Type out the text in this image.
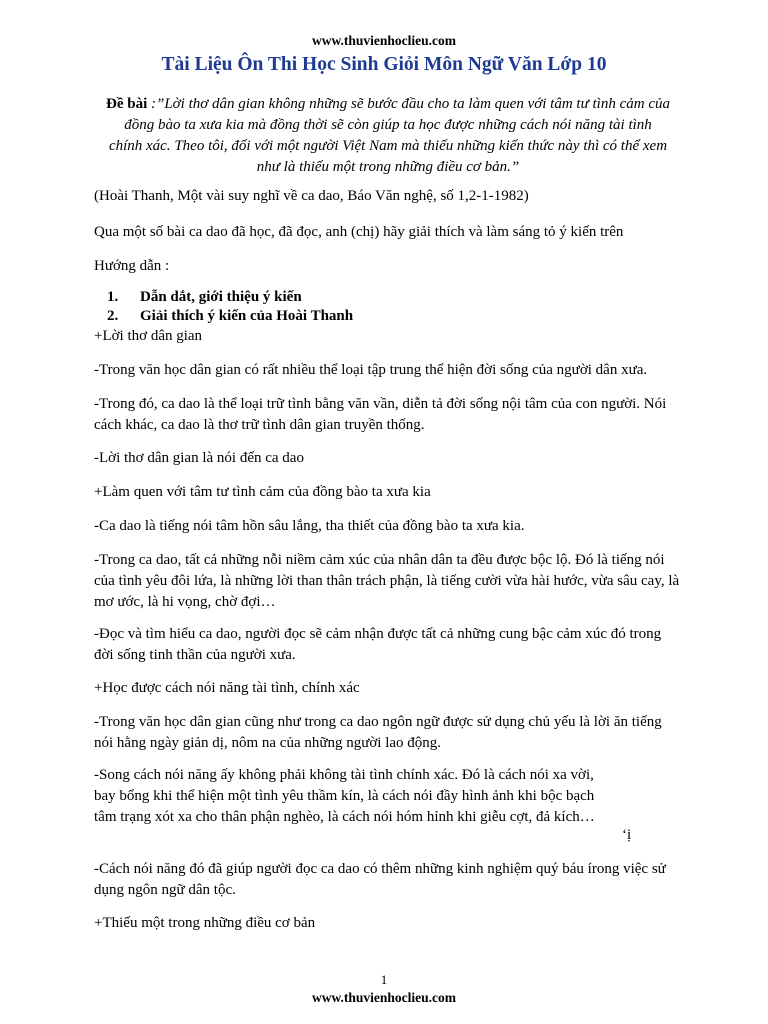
www.thuvienhoclieu.com
Tài Liệu Ôn Thi Học Sinh Giỏi Môn Ngữ Văn Lớp 10
Đề bài :”Lời thơ dân gian không những sẽ bước đầu cho ta làm quen với tâm tư tình cảm của
đồng bào ta xưa kia mà đồng thời sẽ còn giúp ta học được những cách nói năng tài tình
chính xác. Theo tôi, đối với một người Việt Nam mà thiếu những kiến thức này thì có thể xem
như là thiếu một trong những điều cơ bản.”
(Hoài Thanh, Một vài suy nghĩ về ca dao, Báo Văn nghệ, số 1,2-1-1982)
Qua một số bài ca dao đã học, đã đọc, anh (chị) hãy giải thích và làm sáng tỏ ý kiến trên
Hướng dẫn :
1. Dẫn dắt, giới thiệu ý kiến
2. Giải thích ý kiến của Hoài Thanh
+Lời thơ dân gian
-Trong văn học dân gian có rất nhiều thể loại tập trung thể hiện đời sống của người dân xưa.
-Trong đó, ca dao là thể loại trữ tình bằng văn vần, diễn tả đời sống nội tâm của con người. Nói cách khác, ca dao là thơ trữ tình dân gian truyền thống.
-Lời thơ dân gian là nói đến ca dao
+Làm quen với tâm tư tình cảm của đồng bào ta xưa kia
-Ca dao là tiếng nói tâm hồn sâu lắng, tha thiết của đồng bào ta xưa kia.
-Trong ca dao, tất cả những nỗi niềm cảm xúc của nhân dân ta đều được bộc lộ. Đó là tiếng nói của tình yêu đôi lứa, là những lời than thân trách phận, là tiếng cười vừa hài hước, vừa sâu cay, là mơ ước, là hi vọng, chờ đợi…
-Đọc và tìm hiểu ca dao, người đọc sẽ cảm nhận được tất cả những cung bậc cảm xúc đó trong đời sống tinh thần của người xưa.
+Học được cách nói năng tài tình, chính xác
-Trong văn học dân gian cũng như trong ca dao ngôn ngữ được sử dụng chủ yếu là lời ăn tiếng nói hằng ngày giản dị, nôm na của những người lao động.
-Song cách nói năng ấy không phải không tài tình chính xác. Đó là cách nói xa vời, bay bổng khi thể hiện một tình yêu thầm kín, là cách nói đầy hình ảnh khi bộc bạch tâm trạng xót xa cho thân phận nghèo, là cách nói hóm hỉnh khi giễu cợt, đả kích…
‘ị
-Cách nói năng đó đã giúp người đọc ca dao có thêm những kinh nghiệm quý báu írong việc sử dụng ngôn ngữ dân tộc.
+Thiếu một trong những điều cơ bản
1
www.thuvienhoclieu.com
